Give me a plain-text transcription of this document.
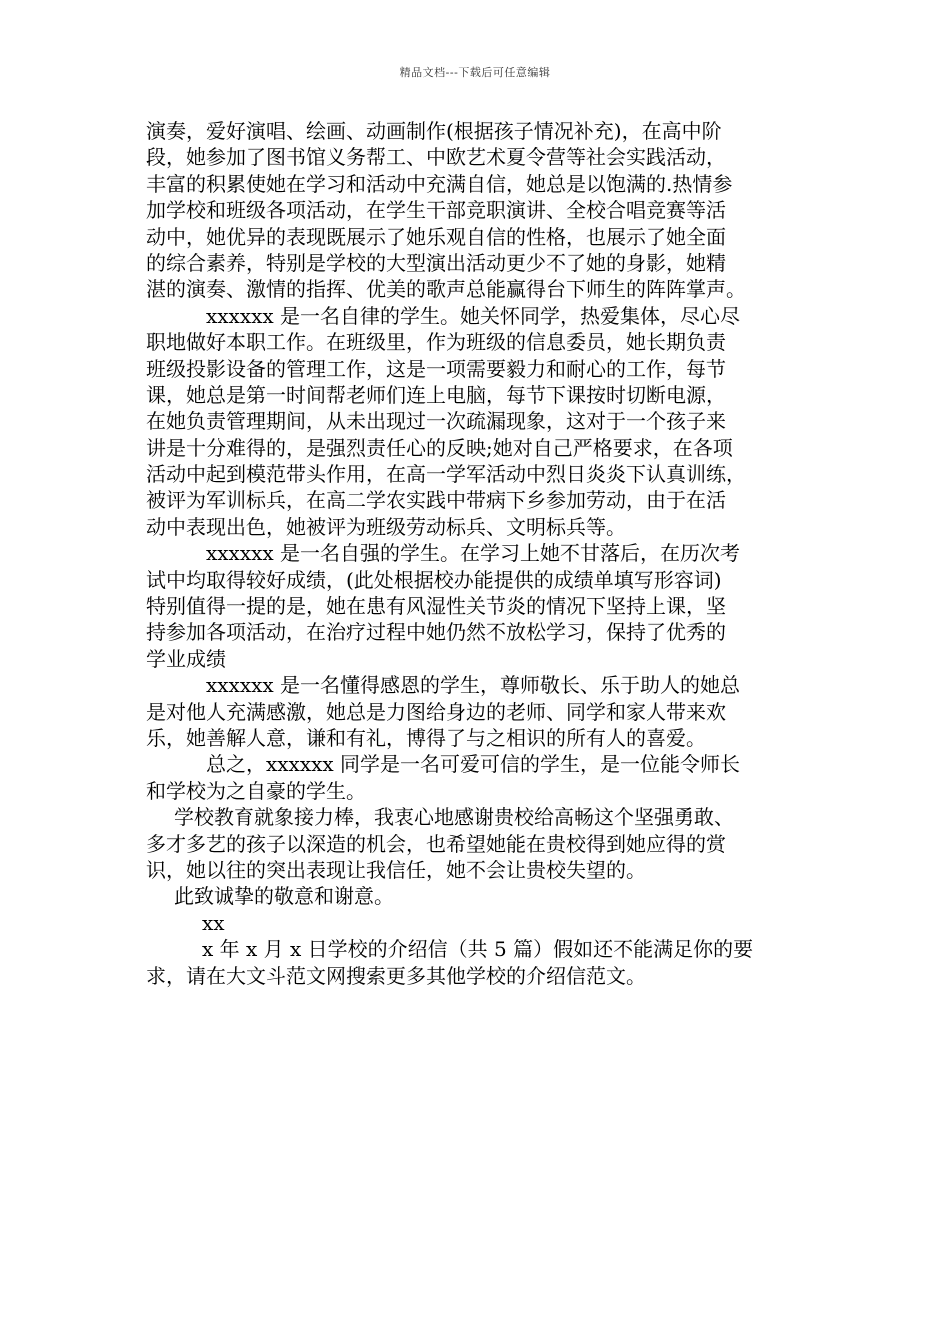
精品文档---下载后可任意编辑
演奏，爱好演唱、绘画、动画制作(根据孩子情况补充)，在高中阶
段，她参加了图书馆义务帮工、中欧艺术夏令营等社会实践活动，
丰富的积累使她在学习和活动中充满自信，她总是以饱满的.热情参
加学校和班级各项活动，在学生干部竞职演讲、全校合唱竞赛等活
动中，她优异的表现既展示了她乐观自信的性格，也展示了她全面
的综合素养，特别是学校的大型演出活动更少不了她的身影，她精
湛的演奏、激情的指挥、优美的歌声总能赢得台下师生的阵阵掌声。
xxxxxx 是一名自律的学生。她关怀同学，热爱集体，尽心尽
职地做好本职工作。在班级里，作为班级的信息委员，她长期负责
班级投影设备的管理工作，这是一项需要毅力和耐心的工作，每节
课，她总是第一时间帮老师们连上电脑，每节下课按时切断电源，
在她负责管理期间，从未出现过一次疏漏现象，这对于一个孩子来
讲是十分难得的，是强烈责任心的反映;她对自己严格要求，在各项
活动中起到模范带头作用，在高一学军活动中烈日炎炎下认真训练，
被评为军训标兵，在高二学农实践中带病下乡参加劳动，由于在活
动中表现出色，她被评为班级劳动标兵、文明标兵等。
xxxxxx 是一名自强的学生。在学习上她不甘落后，在历次考
试中均取得较好成绩，(此处根据校办能提供的成绩单填写形容词)
特别值得一提的是，她在患有风湿性关节炎的情况下坚持上课，坚
持参加各项活动，在治疗过程中她仍然不放松学习，保持了优秀的
学业成绩
xxxxxx 是一名懂得感恩的学生，尊师敬长、乐于助人的她总
是对他人充满感激，她总是力图给身边的老师、同学和家人带来欢
乐，她善解人意，谦和有礼，博得了与之相识的所有人的喜爱。
总之，xxxxxx 同学是一名可爱可信的学生，是一位能令师长
和学校为之自豪的学生。
学校教育就象接力棒，我衷心地感谢贵校给高畅这个坚强勇敢、
多才多艺的孩子以深造的机会，也希望她能在贵校得到她应得的赏
识，她以往的突出表现让我信任，她不会让贵校失望的。
此致诚挚的敬意和谢意。
xx
x 年 x 月 x 日学校的介绍信（共 5 篇）假如还不能满足你的要
求，请在大文斗范文网搜索更多其他学校的介绍信范文。
